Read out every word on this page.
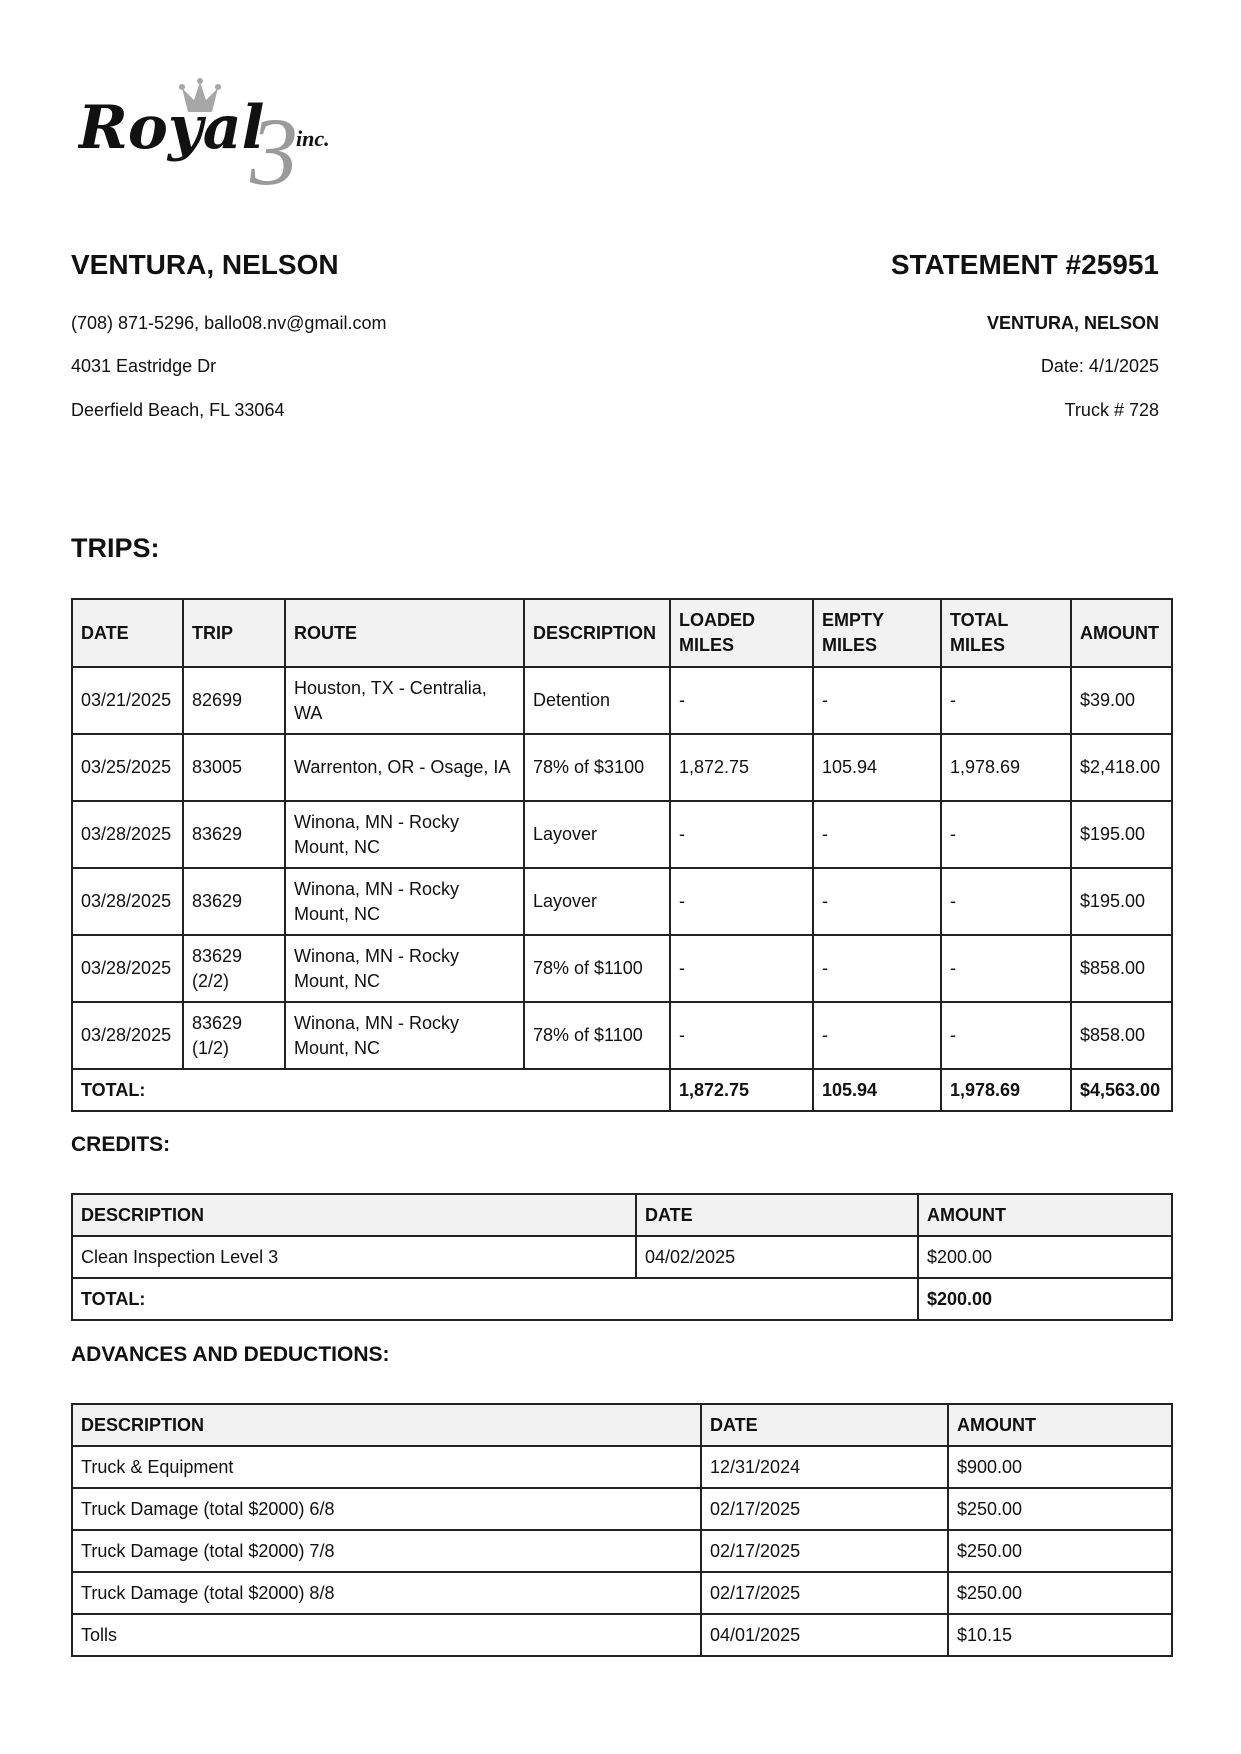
3
Royal inc.
VENTURA, NELSON
(708) 871-5296, ballo08.nv@gmail.com
4031 Eastridge Dr
Deerfield Beach, FL 33064
STATEMENT #25951
VENTURA, NELSON
Date: 4/1/2025
Truck # 728
TRIPS:
DATE	TRIP	ROUTE	DESCRIPTION	LOADED MILES	EMPTY MILES	TOTAL MILES	AMOUNT
03/21/2025	82699	Houston, TX - Centralia, WA	Detention	-	-	-	$39.00
03/25/2025	83005	Warrenton, OR - Osage, IA	78% of $3100	1,872.75	105.94	1,978.69	$2,418.00
03/28/2025	83629	Winona, MN - Rocky Mount, NC	Layover	-	-	-	$195.00
03/28/2025	83629	Winona, MN - Rocky Mount, NC	Layover	-	-	-	$195.00
03/28/2025	83629 (2/2)	Winona, MN - Rocky Mount, NC	78% of $1100	-	-	-	$858.00
03/28/2025	83629 (1/2)	Winona, MN - Rocky Mount, NC	78% of $1100	-	-	-	$858.00
TOTAL:				1,872.75	105.94	1,978.69	$4,563.00
CREDITS:
DESCRIPTION	DATE	AMOUNT
Clean Inspection Level 3	04/02/2025	$200.00
TOTAL:		$200.00
ADVANCES AND DEDUCTIONS:
DESCRIPTION	DATE	AMOUNT
Truck & Equipment	12/31/2024	$900.00
Truck Damage (total $2000) 6/8	02/17/2025	$250.00
Truck Damage (total $2000) 7/8	02/17/2025	$250.00
Truck Damage (total $2000) 8/8	02/17/2025	$250.00
Tolls	04/01/2025	$10.15
